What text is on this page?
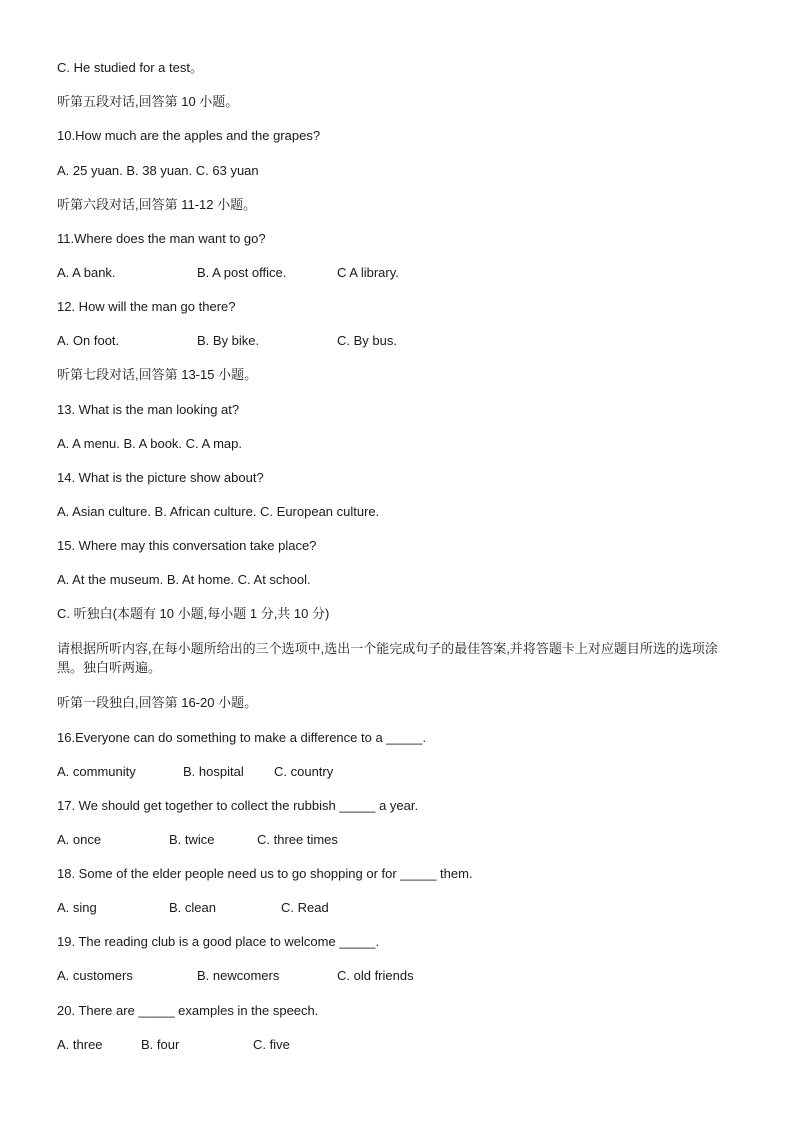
C. He studied for a test。
听第五段对话,回答第 10 小题。
10.How much are the apples and the grapes?
A. 25 yuan. B. 38 yuan. C. 63 yuan
听第六段对话,回答第 11-12 小题。
11.Where does the man want to go?
A. A bank.	B. A post office.	C A library.
12. How will the man go there?
A. On foot.	B. By bike.	C. By bus.
听第七段对话,回答第 13-15 小题。
13. What is the man looking at?
A. A menu. B. A book. C. A map.
14. What is the picture show about?
A. Asian culture. B. African culture. C. European culture.
15. Where may this conversation take place?
A. At the museum. B. At home. C. At school.
C. 听独白(本题有 10 小题,每小题 1 分,共 10 分)
请根据所听内容,在每小题所给出的三个选项中,选出一个能完成句子的最佳答案,并将答题卡上对应题目所选的选项涂黑。独白听两遍。
听第一段独白,回答第 16-20 小题。
16.Everyone can do something to make a difference to a _____.
A. community	B. hospital C. country
17. We should get together to collect the rubbish _____ a year.
A. once	B. twice	C. three times
18. Some of the elder people need us to go shopping or for _____ them.
A. sing	B. clean	C. Read
19. The reading club is a good place to welcome _____.
A. customers	B. newcomers	C. old friends
20. There are _____ examples in the speech.
A. three	B. four	C. five
